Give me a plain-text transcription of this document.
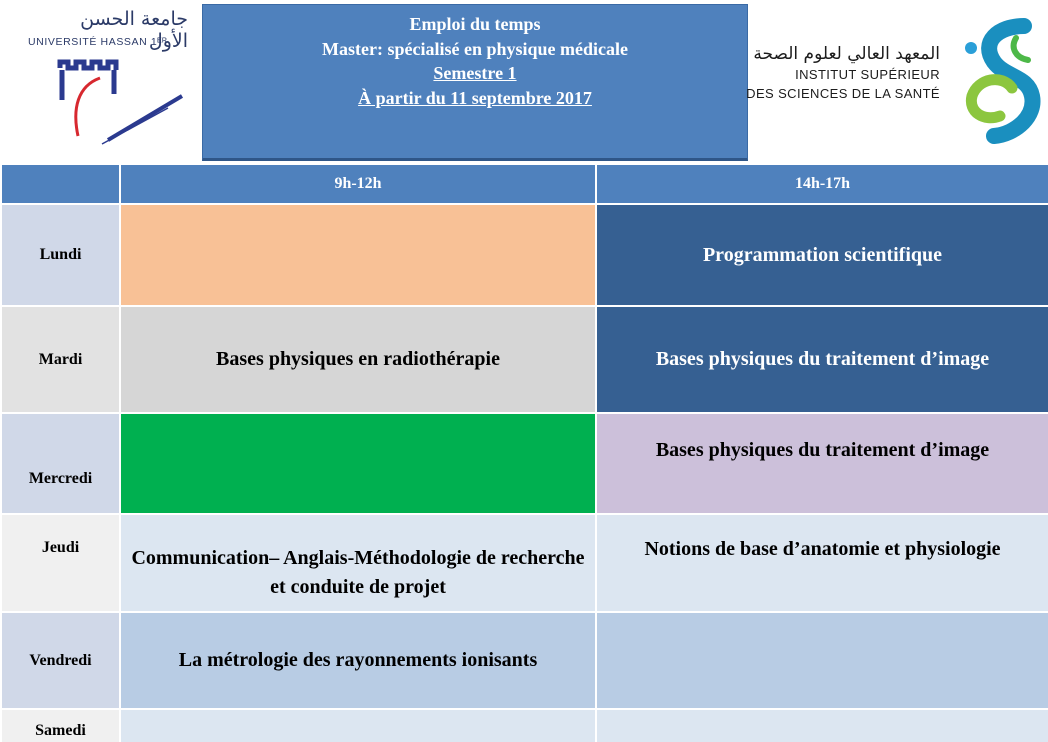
جامعة الحسن الأول
UNIVERSITÉ HASSAN 1ᴱᴿ
Emploi du temps
Master: spécialisé en physique médicale
Semestre 1
À partir du 11 septembre 2017
المعهد العالي لعلوم الصحة
INSTITUT SUPÉRIEUR
DES SCIENCES DE LA SANTÉ
	9h-12h	14h-17h
Lundi		Programmation scientifique
Mardi	Bases physiques en radiothérapie	Bases physiques du traitement d’image
Mercredi		Bases physiques du traitement d’image
Jeudi	Communication– Anglais-Méthodologie de recherche et conduite de projet	Notions de base d’anatomie et physiologie
Vendredi	La métrologie des rayonnements ionisants	
Samedi		
